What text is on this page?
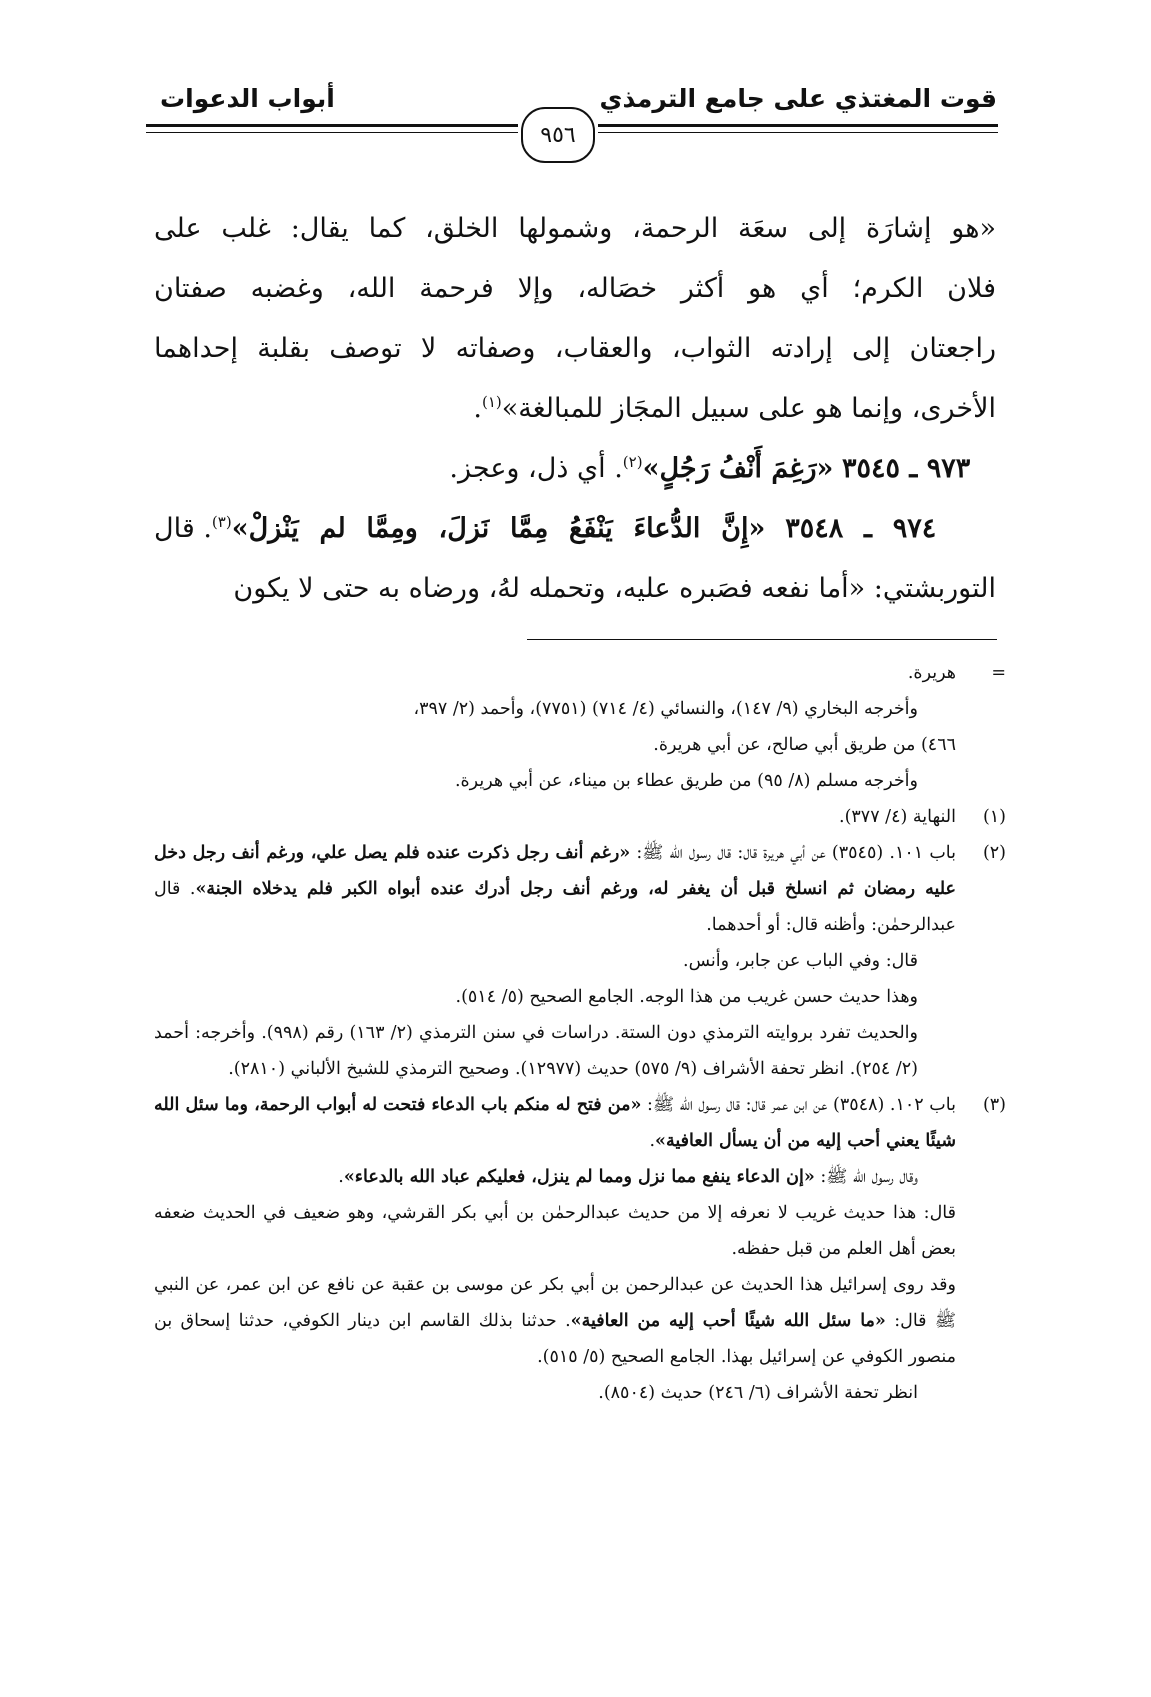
قوت المغتذي على جامع الترمذي
أبواب الدعوات
٩٥٦

«هو إشارَة إلى سعَة الرحمة، وشمولها الخلق، كما يقال: غلب على

فلان الكرم؛ أي هو أكثر خصَاله، وإلا فرحمة الله، وغضبه صفتان

راجعتان إلى إرادته الثواب، والعقاب، وصفاته لا توصف بقلبة إحداهما

الأخرى، وإنما هو على سبيل المجَاز للمبالغة»$^{(١)}$.

٩٧٣ ـ ٣٥٤٥ «رَغِمَ أَنْفُ رَجُلٍ»$^{(٢)}$. أي ذل، وعجز.

٩٧٤ ـ ٣٥٤٨ «إِنَّ الدُّعاءَ يَنْفَعُ مِمَّا نَزلَ، ومِمَّا لم يَنْزلْ»$^{(٣)}$. قال

التوربشتي: «أما نفعه فصَبره عليه، وتحمله لهُ، ورضاه به حتى لا يكون

=

هريرة.

وأخرجه البخاري (٩/ ١٤٧)، والنسائي (٤/ ٧١٤) (٧٧٥١)، وأحمد (٢/ ٣٩٧،

٤٦٦) من طريق أبي صالح، عن أبي هريرة.

وأخرجه مسلم (٨/ ٩٥) من طريق عطاء بن ميناء، عن أبي هريرة.

(١)

النهاية (٤/ ٣٧٧).

(٢)

باب ١٠١. (٣٥٤٥) عن أبي هريرة قال: قال رسول الله ﷺ: «رغم أنف رجل ذكرت عنده فلم يصل علي، ورغم أنف رجل دخل عليه رمضان ثم انسلخ قبل أن يغفر له، ورغم أنف رجل أدرك عنده أبواه الكبر فلم يدخلاه الجنة». قال عبدالرحمٰن: وأظنه قال: أو أحدهما.

قال: وفي الباب عن جابر، وأنس.

وهذا حديث حسن غريب من هذا الوجه. الجامع الصحيح (٥/ ٥١٤).

والحديث تفرد بروايته الترمذي دون الستة. دراسات في سنن الترمذي (٢/ ١٦٣) رقم (٩٩٨). وأخرجه: أحمد (٢/ ٢٥٤). انظر تحفة الأشراف (٩/ ٥٧٥) حديث (١٢٩٧٧). وصحيح الترمذي للشيخ الألباني (٢٨١٠).

(٣)

باب ١٠٢. (٣٥٤٨) عن ابن عمر قال: قال رسول الله ﷺ: «من فتح له منكم باب الدعاء فتحت له أبواب الرحمة، وما سئل الله شيئًا يعني أحب إليه من أن يسأل العافية».

وقال رسول الله ﷺ: «إن الدعاء ينفع مما نزل ومما لم ينزل، فعليكم عباد الله بالدعاء».

قال: هذا حديث غريب لا نعرفه إلا من حديث عبدالرحمٰن بن أبي بكر القرشي، وهو ضعيف في الحديث ضعفه بعض أهل العلم من قبل حفظه.

وقد روى إسرائيل هذا الحديث عن عبدالرحمن بن أبي بكر عن موسى بن عقبة عن نافع عن ابن عمر، عن النبي ﷺ قال: «ما سئل الله شيئًا أحب إليه من العافية». حدثنا بذلك القاسم ابن دينار الكوفي، حدثنا إسحاق بن منصور الكوفي عن إسرائيل بهذا. الجامع الصحيح (٥/ ٥١٥).

انظر تحفة الأشراف (٦/ ٢٤٦) حديث (٨٥٠٤).
